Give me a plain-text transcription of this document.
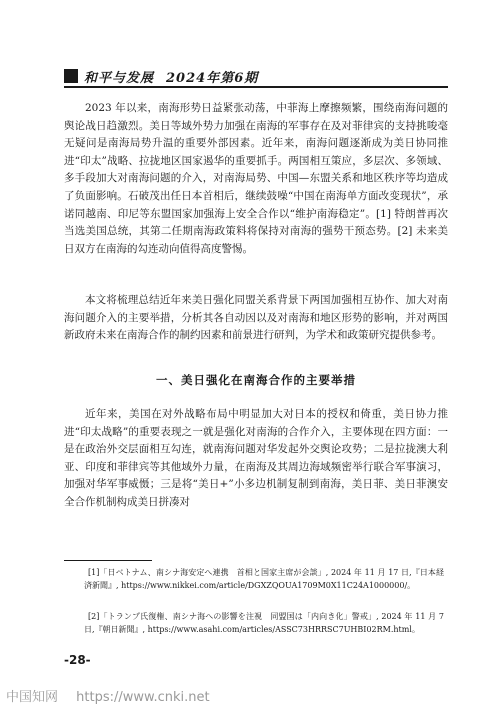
和平与发展 2024年第6期

2023 年以来，南海形势日益紧张动荡，中菲海上摩擦频繁，围绕南海问题的舆论战日趋激烈。美日等域外势力加强在南海的军事存在及对菲律宾的支持挑唆毫无疑问是南海局势升温的重要外部因素。近年来，南海问题逐渐成为美日协同推进“印太”战略、拉拢地区国家遏华的重要抓手。两国相互策应，多层次、多领域、多手段加大对南海问题的介入，对南海局势、中国—东盟关系和地区秩序等均造成了负面影响。石破茂出任日本首相后，继续鼓噪“中国在南海单方面改变现状”，承诺同越南、印尼等东盟国家加强海上安全合作以“维护南海稳定”。[1] 特朗普再次当选美国总统，其第二任期南海政策料将保持对南海的强势干预态势。[2] 未来美日双方在南海的勾连动向值得高度警惕。

本文将梳理总结近年来美日强化同盟关系背景下两国加强相互协作、加大对南海问题介入的主要举措，分析其各自动因以及对南海和地区形势的影响，并对两国新政府未来在南海合作的制约因素和前景进行研判，为学术和政策研究提供参考。

一、美日强化在南海合作的主要举措

近年来，美国在对外战略布局中明显加大对日本的授权和倚重，美日协力推进“印太战略”的重要表现之一就是强化对南海的合作介入，主要体现在四方面：一是在政治外交层面相互勾连，就南海问题对华发起外交舆论攻势；二是拉拢澳大利亚、印度和菲律宾等其他域外力量，在南海及其周边海域频密举行联合军事演习，加强对华军事威慑；三是将“美日+”小多边机制复制到南海，美日菲、美日菲澳安全合作机制构成美日拼凑对

[1]「日ベトナム、南シナ海安定へ連携　首相と国家主席が会談」, 2024 年 11 月 17 日,『日本経済新聞』, https://www.nikkei.com/article/DGXZQOUA1709M0X11C24A1000000/。

[2]「トランプ氏復権、南シナ海への影響を注視　同盟国は「内向き化」警戒」, 2024 年 11 月 7 日,『朝日新聞』, https://www.asahi.com/articles/ASSC73HRRSC7UHBI02RM.html。

-28-
中国知网 https://www.cnki.net
